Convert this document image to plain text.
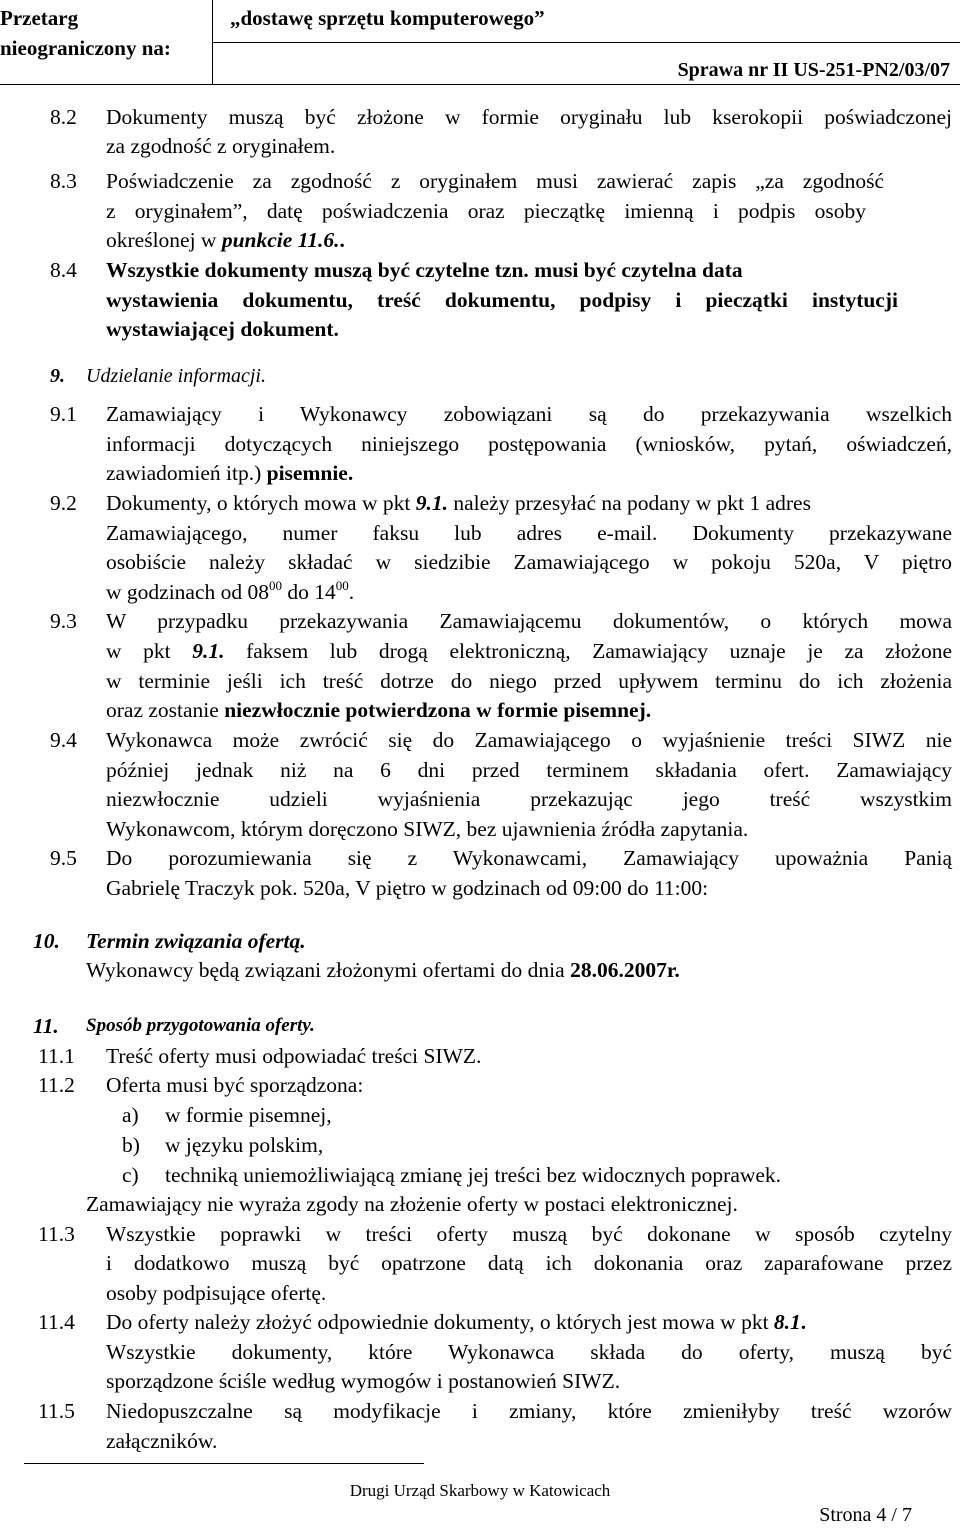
Przetarg
nieograniczony na:
„dostawę sprzętu komputerowego”
Sprawa nr II US-251-PN2/03/07
8.2 Dokumenty muszą być złożone w formie oryginału lub kserokopii poświadczonej
za zgodność z oryginałem.
8.3 Poświadczenie za zgodność z oryginałem musi zawierać zapis „za zgodność
z oryginałem”, datę poświadczenia oraz pieczątkę imienną i podpis osoby
określonej w punkcie 11.6..
8.4 Wszystkie dokumenty muszą być czytelne tzn. musi być czytelna data
wystawienia dokumentu, treść dokumentu, podpisy i pieczątki instytucji
wystawiającej dokument.
9. Udzielanie informacji.
9.1 Zamawiający i Wykonawcy zobowiązani są do przekazywania wszelkich
informacji dotyczących niniejszego postępowania (wniosków, pytań, oświadczeń,
zawiadomień itp.) pisemnie.
9.2 Dokumenty, o których mowa w pkt 9.1. należy przesyłać na podany w pkt 1 adres
Zamawiającego, numer faksu lub adres e-mail. Dokumenty przekazywane
osobiście należy składać w siedzibie Zamawiającego w pokoju 520a, V piętro
w godzinach od $08^{00}$ do $14^{00}$.
9.3 W przypadku przekazywania Zamawiającemu dokumentów, o których mowa
w pkt 9.1. faksem lub drogą elektroniczną, Zamawiający uznaje je za złożone
w terminie jeśli ich treść dotrze do niego przed upływem terminu do ich złożenia
oraz zostanie niezwłocznie potwierdzona w formie pisemnej.
9.4 Wykonawca może zwrócić się do Zamawiającego o wyjaśnienie treści SIWZ nie
później jednak niż na 6 dni przed terminem składania ofert. Zamawiający
niezwłocznie udzieli wyjaśnienia przekazując jego treść wszystkim
Wykonawcom, którym doręczono SIWZ, bez ujawnienia źródła zapytania.
9.5 Do porozumiewania się z Wykonawcami, Zamawiający upoważnia Panią
Gabrielę Traczyk pok. 520a, V piętro w godzinach od 09:00 do 11:00:
10. Termin związania ofertą.
Wykonawcy będą związani złożonymi ofertami do dnia 28.06.2007r.
11. Sposób przygotowania oferty.
11.1 Treść oferty musi odpowiadać treści SIWZ.
11.2 Oferta musi być sporządzona:
a) w formie pisemnej,
b) w języku polskim,
c) techniką uniemożliwiającą zmianę jej treści bez widocznych poprawek.
Zamawiający nie wyraża zgody na złożenie oferty w postaci elektronicznej.
11.3 Wszystkie poprawki w treści oferty muszą być dokonane w sposób czytelny
i dodatkowo muszą być opatrzone datą ich dokonania oraz zaparafowane przez
osoby podpisujące ofertę.
11.4 Do oferty należy złożyć odpowiednie dokumenty, o których jest mowa w pkt 8.1.
Wszystkie dokumenty, które Wykonawca składa do oferty, muszą być
sporządzone ściśle według wymogów i postanowień SIWZ.
11.5 Niedopuszczalne są modyfikacje i zmiany, które zmieniłyby treść wzorów
załączników.
Drugi Urząd Skarbowy w Katowicach
Strona 4 / 7
